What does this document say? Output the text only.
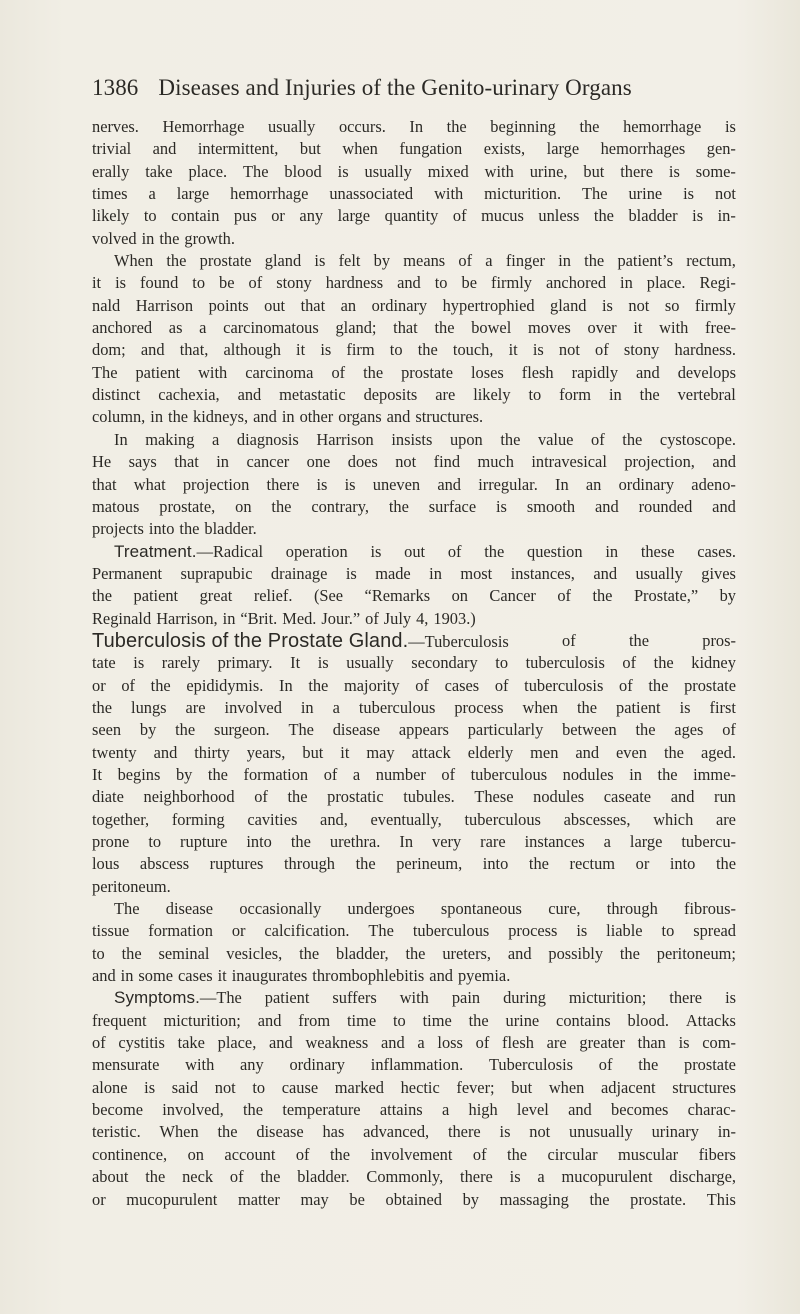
1386 Diseases and Injuries of the Genito-urinary Organs
nerves. Hemorrhage usually occurs. In the beginning the hemorrhage is
trivial and intermittent, but when fungation exists, large hemorrhages gen-
erally take place. The blood is usually mixed with urine, but there is some-
times a large hemorrhage unassociated with micturition. The urine is not
likely to contain pus or any large quantity of mucus unless the bladder is in-
volved in the growth.
When the prostate gland is felt by means of a finger in the patient’s rectum,
it is found to be of stony hardness and to be firmly anchored in place. Regi-
nald Harrison points out that an ordinary hypertrophied gland is not so firmly
anchored as a carcinomatous gland; that the bowel moves over it with free-
dom; and that, although it is firm to the touch, it is not of stony hardness.
The patient with carcinoma of the prostate loses flesh rapidly and develops
distinct cachexia, and metastatic deposits are likely to form in the vertebral
column, in the kidneys, and in other organs and structures.
In making a diagnosis Harrison insists upon the value of the cystoscope.
He says that in cancer one does not find much intravesical projection, and
that what projection there is is uneven and irregular. In an ordinary adeno-
matous prostate, on the contrary, the surface is smooth and rounded and
projects into the bladder.
Treatment.—Radical operation is out of the question in these cases.
Permanent suprapubic drainage is made in most instances, and usually gives
the patient great relief. (See “Remarks on Cancer of the Prostate,” by
Reginald Harrison, in “Brit. Med. Jour.” of July 4, 1903.)
Tuberculosis of the Prostate Gland.—Tuberculosis	of	the	pros-
tate is rarely primary. It is usually secondary to tuberculosis of the kidney
or of the epididymis. In the majority of cases of tuberculosis of the prostate
the lungs are involved in a tuberculous process when the patient is first
seen by the surgeon. The disease appears particularly between the ages of
twenty and thirty years, but it may attack elderly men and even the aged.
It begins by the formation of a number of tuberculous nodules in the imme-
diate neighborhood of the prostatic tubules. These nodules caseate and run
together, forming cavities and, eventually, tuberculous abscesses, which are
prone to rupture into the urethra. In very rare instances a large tubercu-
lous abscess ruptures through the perineum, into the rectum or into the
peritoneum.
The disease occasionally undergoes spontaneous cure, through fibrous-
tissue formation or calcification. The tuberculous process is liable to spread
to the seminal vesicles, the bladder, the ureters, and possibly the peritoneum;
and in some cases it inaugurates thrombophlebitis and pyemia.
Symptoms.—The patient suffers with pain during micturition; there is
frequent micturition; and from time to time the urine contains blood. Attacks
of cystitis take place, and weakness and a loss of flesh are greater than is com-
mensurate with any ordinary inflammation. Tuberculosis of the prostate
alone is said not to cause marked hectic fever; but when adjacent structures
become involved, the temperature attains a high level and becomes charac-
teristic. When the disease has advanced, there is not unusually urinary in-
continence, on account of the involvement of the circular muscular fibers
about the neck of the bladder. Commonly, there is a mucopurulent discharge,
or mucopurulent matter may be obtained by massaging the prostate. This
